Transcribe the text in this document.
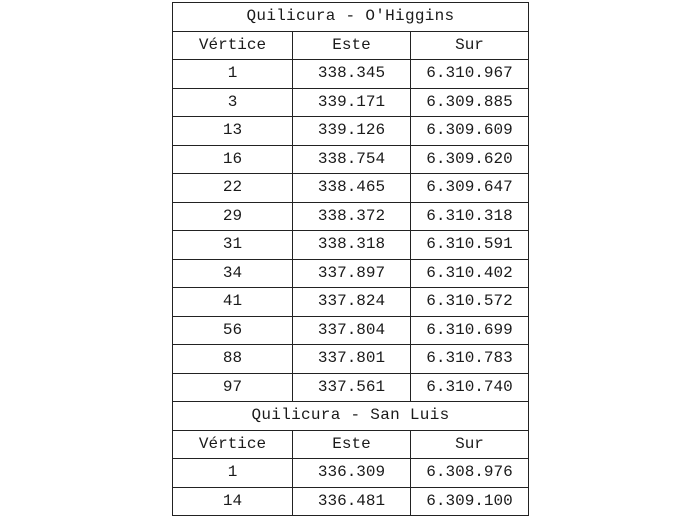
Quilicura - O'Higgins		
Vértice	Este	Sur
1	338.345	6.310.967
3	339.171	6.309.885
13	339.126	6.309.609
16	338.754	6.309.620
22	338.465	6.309.647
29	338.372	6.310.318
31	338.318	6.310.591
34	337.897	6.310.402
41	337.824	6.310.572
56	337.804	6.310.699
88	337.801	6.310.783
97	337.561	6.310.740
Quilicura - San Luis		
Vértice	Este	Sur
1	336.309	6.308.976
14	336.481	6.309.100
